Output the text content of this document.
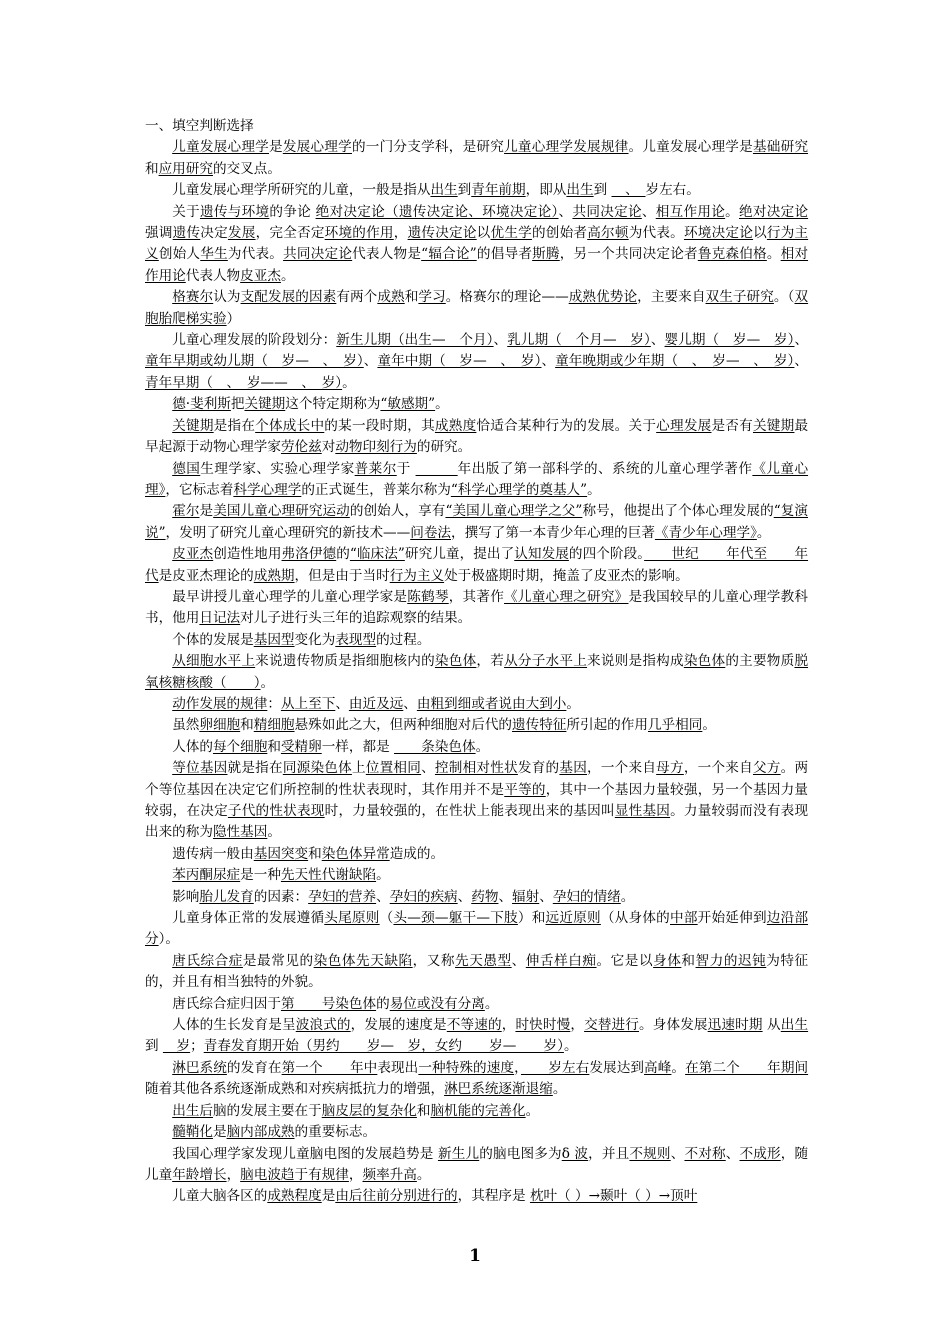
一、填空判断选择

儿童发展心理学是发展心理学的一门分支学科，是研究儿童心理学发展规律。儿童发展心理学是基础研究和应用研究的交叉点。

儿童发展心理学所研究的儿童，一般是指从出生到青年前期，即从出生到 　、　岁左右。

关于遗传与环境的争论 绝对决定论（遗传决定论、环境决定论）、共同决定论、相互作用论。绝对决定论强调遗传决定发展，完全否定环境的作用，遗传决定论以优生学的创始者高尔顿为代表。环境决定论以行为主义创始人华生为代表。共同决定论代表人物是“辐合论”的倡导者斯腾，另一个共同决定论者鲁克森伯格。相对作用论代表人物皮亚杰。

格赛尔认为支配发展的因素有两个成熟和学习。格赛尔的理论——成熟优势论，主要来自双生子研究。（双胞胎爬梯实验）

儿童心理发展的阶段划分：新生儿期（出生—　个月）、乳儿期（　个月—　岁）、婴儿期（　岁—　岁）、童年早期或幼儿期（　岁—　、　岁）、童年中期（　岁—　、　岁）、童年晚期或少年期（　、　岁—　、　岁）、青年早期（　、　岁——　、　岁）。

德·斐利斯把关键期这个特定期称为“敏感期”。

关键期是指在个体成长中的某一段时期，其成熟度恰适合某种行为的发展。关于心理发展是否有关键期最早起源于动物心理学家劳伦兹对动物印刻行为的研究。

德国生理学家、实验心理学家普莱尔于 　　　	年出版了第一部科学的、系统的儿童心理学著作《儿童心理》，它标志着科学心理学的正式诞生，普莱尔称为“科学心理学的奠基人”。

霍尔是美国儿童心理研究运动的创始人，享有“美国儿童心理学之父”称号，他提出了个体心理发展的“复演说”，发明了研究儿童心理研究的新技术——问卷法，撰写了第一本青少年心理的巨著《青少年心理学》。

皮亚杰创造性地用弗洛伊德的“临床法”研究儿童，提出了认知发展的四个阶段。　　世纪　　年代至　　年代是皮亚杰理论的成熟期，但是由于当时行为主义处于极盛期时期，掩盖了皮亚杰的影响。

最早讲授儿童心理学的儿童心理学家是陈鹤琴，其著作《儿童心理之研究》是我国较早的儿童心理学教科书，他用日记法对儿子进行头三年的追踪观察的结果。

个体的发展是基因型变化为表现型的过程。

从细胞水平上来说遗传物质是指细胞核内的染色体，若从分子水平上来说则是指构成染色体的主要物质脱氧核糖核酸（　　）。

动作发展的规律：从上至下、由近及远、由粗到细或者说由大到小。

虽然卵细胞和精细胞悬殊如此之大，但两种细胞对后代的遗传特征所引起的作用几乎相同。

人体的每个细胞和受精卵一样，都是 　　条染色体。

等位基因就是指在同源染色体上位置相同、控制相对性状发育的基因，一个来自母方，一个来自父方。两个等位基因在决定它们所控制的性状表现时，其作用并不是平等的，其中一个基因力量较强，另一个基因力量较弱，在决定子代的性状表现时，力量较强的，在性状上能表现出来的基因叫显性基因。力量较弱而没有表现出来的称为隐性基因。

遗传病一般由基因突变和染色体异常造成的。

苯丙酮尿症是一种先天性代谢缺陷。

影响胎儿发育的因素：孕妇的营养、孕妇的疾病、药物、辐射、孕妇的情绪。

儿童身体正常的发展遵循头尾原则（头—颈—躯干—下肢）和远近原则（从身体的中部开始延伸到边沿部分）。

唐氏综合症是最常见的染色体先天缺陷，又称先天愚型、伸舌样白痴。它是以身体和智力的迟钝为特征的，并且有相当独特的外貌。

唐氏综合症归因于第　　号染色体的易位或没有分离。

人体的生长发育是呈波浪式的，发展的速度是不等速的，时快时慢，交替进行。身体发展迅速时期 从出生到 　岁；青春发育期开始（男约　　岁—　岁，女约　　岁—　　岁）。

淋巴系统的发育在第一个　　年中表现出一种特殊的速度，　　岁左右发展达到高峰。在第二个　　年期间随着其他各系统逐渐成熟和对疾病抵抗力的增强，淋巴系统逐渐退缩。

出生后脑的发展主要在于脑皮层的复杂化和脑机能的完善化。

髓鞘化是脑内部成熟的重要标志。

我国心理学家发现儿童脑电图的发展趋势是 新生儿的脑电图多为δ 波，并且不规则、不对称、不成形，随儿童年龄增长，脑电波趋于有规律，频率升高。

儿童大脑各区的成熟程度是由后往前分别进行的，其程序是 枕叶（ ）→颞叶（ ）→顶叶

1
